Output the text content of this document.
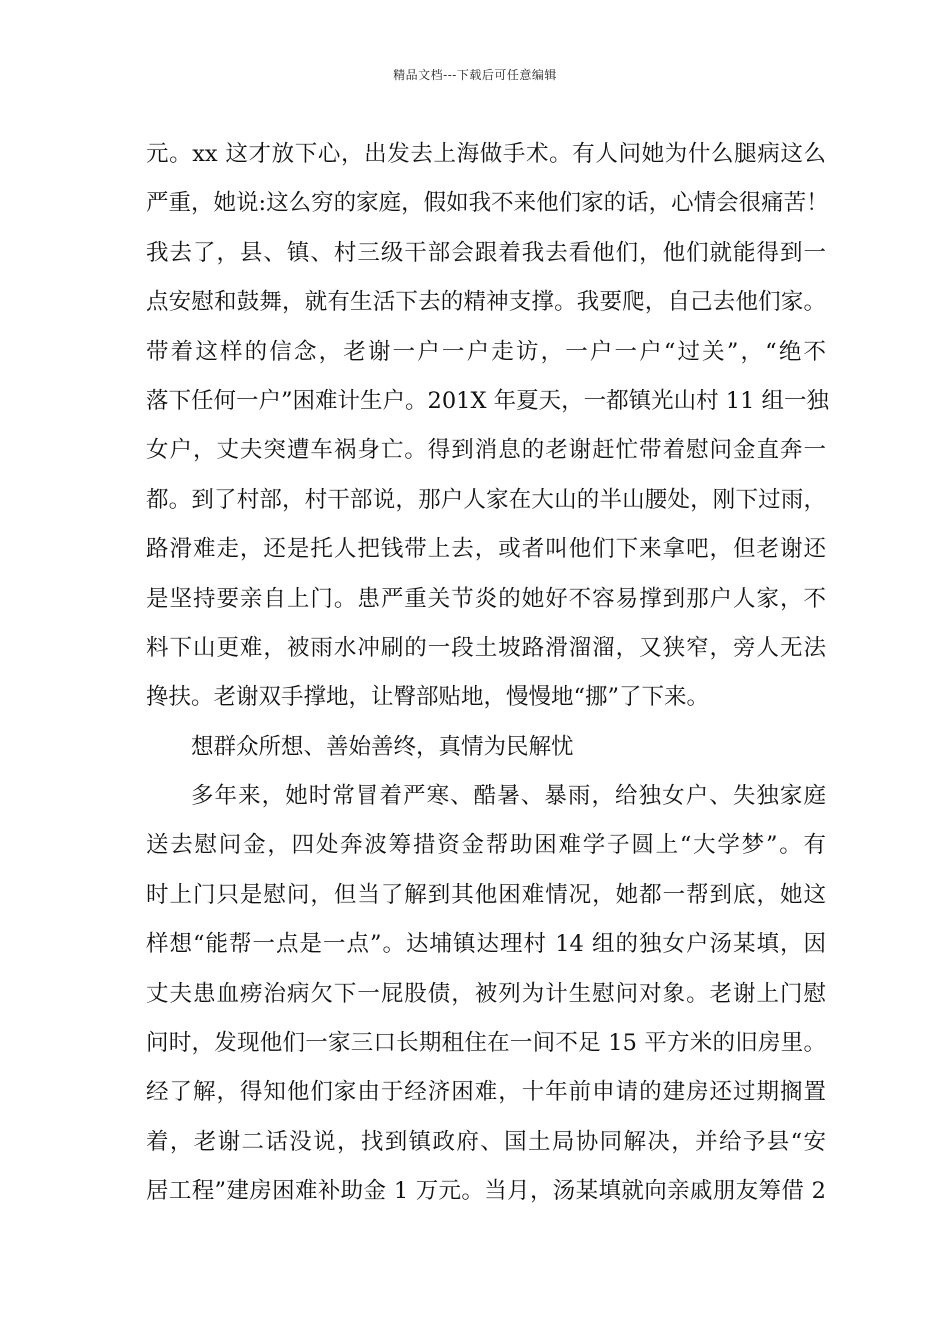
精品文档---下载后可任意编辑
元。xx 这才放下心，出发去上海做手术。有人问她为什么腿病这么
严重，她说:这么穷的家庭，假如我不来他们家的话，心情会很痛苦！
我去了，县、镇、村三级干部会跟着我去看他们，他们就能得到一
点安慰和鼓舞，就有生活下去的精神支撑。我要爬，自己去他们家。
带着这样的信念，老谢一户一户走访，一户一户“过关”，“绝不
落下任何一户”困难计生户。201X 年夏天，一都镇光山村 11 组一独
女户，丈夫突遭车祸身亡。得到消息的老谢赶忙带着慰问金直奔一
都。到了村部，村干部说，那户人家在大山的半山腰处，刚下过雨，
路滑难走，还是托人把钱带上去，或者叫他们下来拿吧，但老谢还
是坚持要亲自上门。患严重关节炎的她好不容易撑到那户人家，不
料下山更难，被雨水冲刷的一段土坡路滑溜溜，又狭窄，旁人无法
搀扶。老谢双手撑地，让臀部贴地，慢慢地“挪”了下来。
想群众所想、善始善终，真情为民解忧
多年来，她时常冒着严寒、酷暑、暴雨，给独女户、失独家庭
送去慰问金，四处奔波筹措资金帮助困难学子圆上“大学梦”。有
时上门只是慰问，但当了解到其他困难情况，她都一帮到底，她这
样想“能帮一点是一点”。达埔镇达理村 14 组的独女户汤某填，因
丈夫患血痨治病欠下一屁股债，被列为计生慰问对象。老谢上门慰
问时，发现他们一家三口长期租住在一间不足 15 平方米的旧房里。
经了解，得知他们家由于经济困难，十年前申请的建房还过期搁置
着，老谢二话没说，找到镇政府、国土局协同解决，并给予县“安
居工程”建房困难补助金 1 万元。当月，汤某填就向亲戚朋友筹借 2
